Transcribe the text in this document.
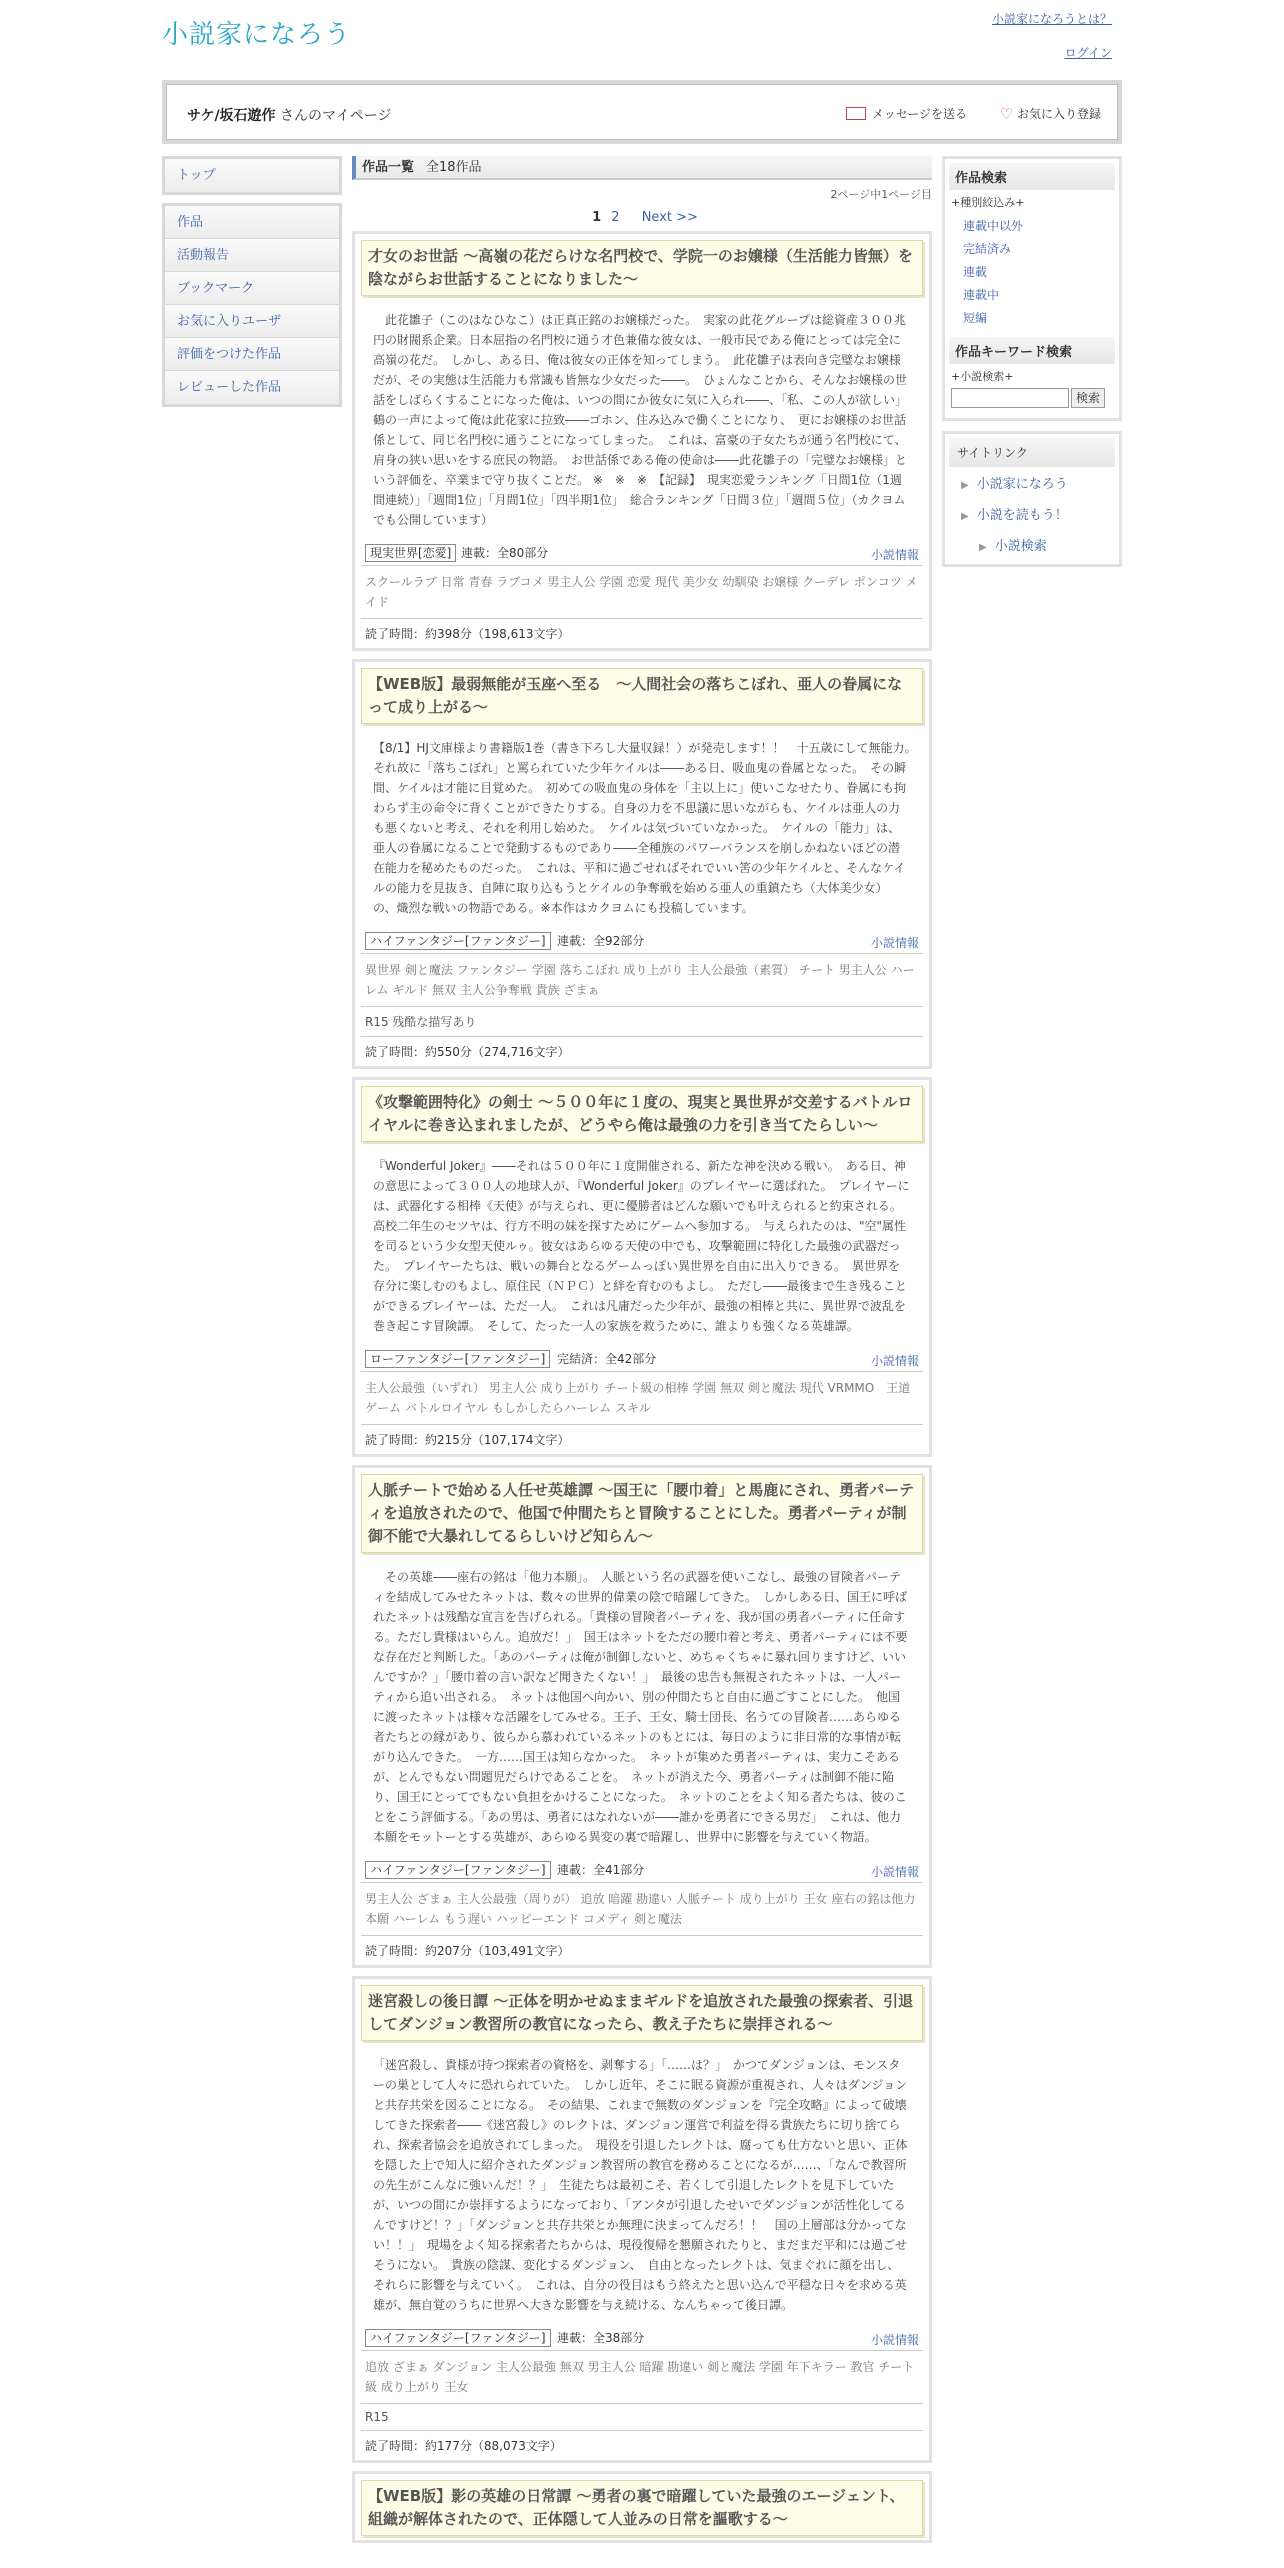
小説家になろう
小説家になろうとは？
ログイン
サケ/坂石遊作 さんのマイページ	メッセージを送る ♡ お気に入り登録
トップ
作品
活動報告
ブックマーク
お気に入りユーザ
評価をつけた作品
レビューした作品
作品一覧 全18作品
2ページ中1ページ目
1 2 Next >>
才女のお世話 ～高嶺の花だらけな名門校で、学院一のお嬢様（生活能力皆無）を陰ながらお世話することになりました～
　此花雛子（このはなひなこ）は正真正銘のお嬢様だった。　実家の此花グループは総資産３００兆円の財閥系企業。日本屈指の名門校に通う才色兼備な彼女は、一般市民である俺にとっては完全に高嶺の花だ。　しかし、ある日、俺は彼女の正体を知ってしまう。　此花雛子は表向き完璧なお嬢様だが、その実態は生活能力も常識も皆無な少女だった――。　ひょんなことから、そんなお嬢様の世話をしばらくすることになった俺は、いつの間にか彼女に気に入られ――、「私、この人が欲しい」　鶴の一声によって俺は此花家に拉致――ゴホン、住み込みで働くことになり、　更にお嬢様のお世話係として、同じ名門校に通うことになってしまった。　これは、富豪の子女たちが通う名門校にて、肩身の狭い思いをする庶民の物語。　お世話係である俺の使命は――此花雛子の「完璧なお嬢様」という評価を、卒業まで守り抜くことだ。 ※　※　※　【記録】　現実恋愛ランキング「日間1位（1週間連続）」「週間1位」「月間1位」「四半期1位」　総合ランキング「日間３位」「週間５位」（カクヨムでも公開しています）
現実世界[恋愛] 連載：全80部分	小説情報
スクールラブ 日常 青春 ラブコメ 男主人公 学園 恋愛 現代 美少女 幼馴染 お嬢様 クーデレ ポンコツ メイド
読了時間：約398分（198,613文字）
【WEB版】最弱無能が玉座へ至る　～人間社会の落ちこぼれ、亜人の眷属になって成り上がる～
【8/1】HJ文庫様より書籍版1巻（書き下ろし大量収録！）が発売します！！　十五歳にして無能力。　それ故に「落ちこぼれ」と罵られていた少年ケイルは――ある日、吸血鬼の眷属となった。　その瞬間、ケイルは才能に目覚めた。　初めての吸血鬼の身体を「主以上に」使いこなせたり、眷属にも拘わらず主の命令に背くことができたりする。自身の力を不思議に思いながらも、ケイルは亜人の力も悪くないと考え、それを利用し始めた。　ケイルは気づいていなかった。　ケイルの「能力」は、亜人の眷属になることで発動するものであり――全種族のパワーバランスを崩しかねないほどの潜在能力を秘めたものだった。　これは、平和に過ごせればそれでいい筈の少年ケイルと、そんなケイルの能力を見抜き、自陣に取り込もうとケイルの争奪戦を始める亜人の重鎮たち（大体美少女）の、熾烈な戦いの物語である。※本作はカクヨムにも投稿しています。
ハイファンタジー[ファンタジー] 連載：全92部分	小説情報
異世界 剣と魔法 ファンタジー 学園 落ちこぼれ 成り上がり 主人公最強（素質） チート 男主人公 ハーレム ギルド 無双 主人公争奪戦 貴族 ざまぁ
R15 残酷な描写あり
読了時間：約550分（274,716文字）
《攻撃範囲特化》の剣士 ～５００年に１度の、現実と異世界が交差するバトルロイヤルに巻き込まれましたが、どうやら俺は最強の力を引き当てたらしい～
『Wonderful Joker』――それは５００年に１度開催される、新たな神を決める戦い。　ある日、神の意思によって３００人の地球人が、『Wonderful Joker』のプレイヤーに選ばれた。　プレイヤーには、武器化する相棒《天使》が与えられ、更に優勝者はどんな願いでも叶えられると約束される。　高校二年生のセツヤは、行方不明の妹を探すためにゲームへ参加する。　与えられたのは、"空"属性を司るという少女型天使ルゥ。彼女はあらゆる天使の中でも、攻撃範囲に特化した最強の武器だった。　プレイヤーたちは、戦いの舞台となるゲームっぽい異世界を自由に出入りできる。　異世界を存分に楽しむのもよし、原住民（ＮＰＣ）と絆を育むのもよし。　ただし――最後まで生き残ることができるプレイヤーは、ただ一人。　これは凡庸だった少年が、最強の相棒と共に、異世界で波乱を巻き起こす冒険譚。　そして、たった一人の家族を救うために、誰よりも強くなる英雄譚。
ローファンタジー[ファンタジー] 完結済：全42部分	小説情報
主人公最強（いずれ） 男主人公 成り上がり チート級の相棒 学園 無双 剣と魔法 現代 VRMMO　王道 ゲーム バトルロイヤル もしかしたらハーレム スキル
読了時間：約215分（107,174文字）
人脈チートで始める人任せ英雄譚 ～国王に「腰巾着」と馬鹿にされ、勇者パーティを追放されたので、他国で仲間たちと冒険することにした。勇者パーティが制御不能で大暴れしてるらしいけど知らん～
　その英雄――座右の銘は「他力本願」。　人脈という名の武器を使いこなし、最強の冒険者パーティを結成してみせたネットは、数々の世界的偉業の陰で暗躍してきた。　しかしある日、国王に呼ばれたネットは残酷な宣言を告げられる。「貴様の冒険者パーティを、我が国の勇者パーティに任命する。ただし貴様はいらん。追放だ！」　国王はネットをただの腰巾着と考え、勇者パーティには不要な存在だと判断した。「あのパーティは俺が制御しないと、めちゃくちゃに暴れ回りますけど、いいんですか？」「腰巾着の言い訳など聞きたくない！」　最後の忠告も無視されたネットは、一人パーティから追い出される。　ネットは他国へ向かい、別の仲間たちと自由に過ごすことにした。　他国に渡ったネットは様々な活躍をしてみせる。王子、王女、騎士団長、名うての冒険者……あらゆる者たちとの縁があり、彼らから慕われているネットのもとには、毎日のように非日常的な事情が転がり込んできた。　一方……国王は知らなかった。　ネットが集めた勇者パーティは、実力こそあるが、とんでもない問題児だらけであることを。　ネットが消えた今、勇者パーティは制御不能に陥り、国王にとってでもない負担をかけることになった。　ネットのことをよく知る者たちは、彼のことをこう評価する。「あの男は、勇者にはなれないが――誰かを勇者にできる男だ」　これは、他力本願をモットーとする英雄が、あらゆる異変の裏で暗躍し、世界中に影響を与えていく物語。
ハイファンタジー[ファンタジー] 連載：全41部分	小説情報
男主人公 ざまぁ 主人公最強（周りが） 追放 暗躍 勘違い 人脈チート 成り上がり 王女 座右の銘は他力本願 ハーレム もう遅い ハッピーエンド コメディ 剣と魔法
読了時間：約207分（103,491文字）
迷宮殺しの後日譚 ～正体を明かせぬままギルドを追放された最強の探索者、引退してダンジョン教習所の教官になったら、教え子たちに崇拝される～
「迷宮殺し、貴様が持つ探索者の資格を、剥奪する」「……は？」　かつてダンジョンは、モンスターの巣として人々に恐れられていた。　しかし近年、そこに眠る資源が重視され、人々はダンジョンと共存共栄を図ることになる。　その結果、これまで無数のダンジョンを『完全攻略』によって破壊してきた探索者――《迷宮殺し》のレクトは、ダンジョン運営で利益を得る貴族たちに切り捨てられ、探索者協会を追放されてしまった。　現役を引退したレクトは、腐っても仕方ないと思い、正体を隠した上で知人に紹介されたダンジョン教習所の教官を務めることになるが……、「なんで教習所の先生がこんなに強いんだ！？」　生徒たちは最初こそ、若くして引退したレクトを見下していたが、いつの間にか崇拝するようになっており、「アンタが引退したせいでダンジョンが活性化してるんですけど！？」「ダンジョンと共存共栄とか無理に決まってんだろ！！　国の上層部は分かってない！！」　現場をよく知る探索者たちからは、現役復帰を懇願されたりと、まだまだ平和には過ごせそうにない。　貴族の陰謀、変化するダンジョン、　自由となったレクトは、気まぐれに顔を出し、それらに影響を与えていく。　これは、自分の役目はもう終えたと思い込んで平穏な日々を求める英雄が、無自覚のうちに世界へ大きな影響を与え続ける、なんちゃって後日譚。
ハイファンタジー[ファンタジー] 連載：全38部分	小説情報
追放 ざまぁ ダンジョン 主人公最強 無双 男主人公 暗躍 勘違い 剣と魔法 学園 年下キラー 教官 チート級 成り上がり 王女
R15
読了時間：約177分（88,073文字）
【WEB版】影の英雄の日常譚 ～勇者の裏で暗躍していた最強のエージェント、組織が解体されたので、正体隠して人並みの日常を謳歌する～
作品検索
+種別絞込み+
連載中以外
完結済み
連載
連載中
短編
作品キーワード検索
+小説検索+
検索
サイトリンク
▶ 小説家になろう
▶ 小説を読もう！
▶ 小説検索
